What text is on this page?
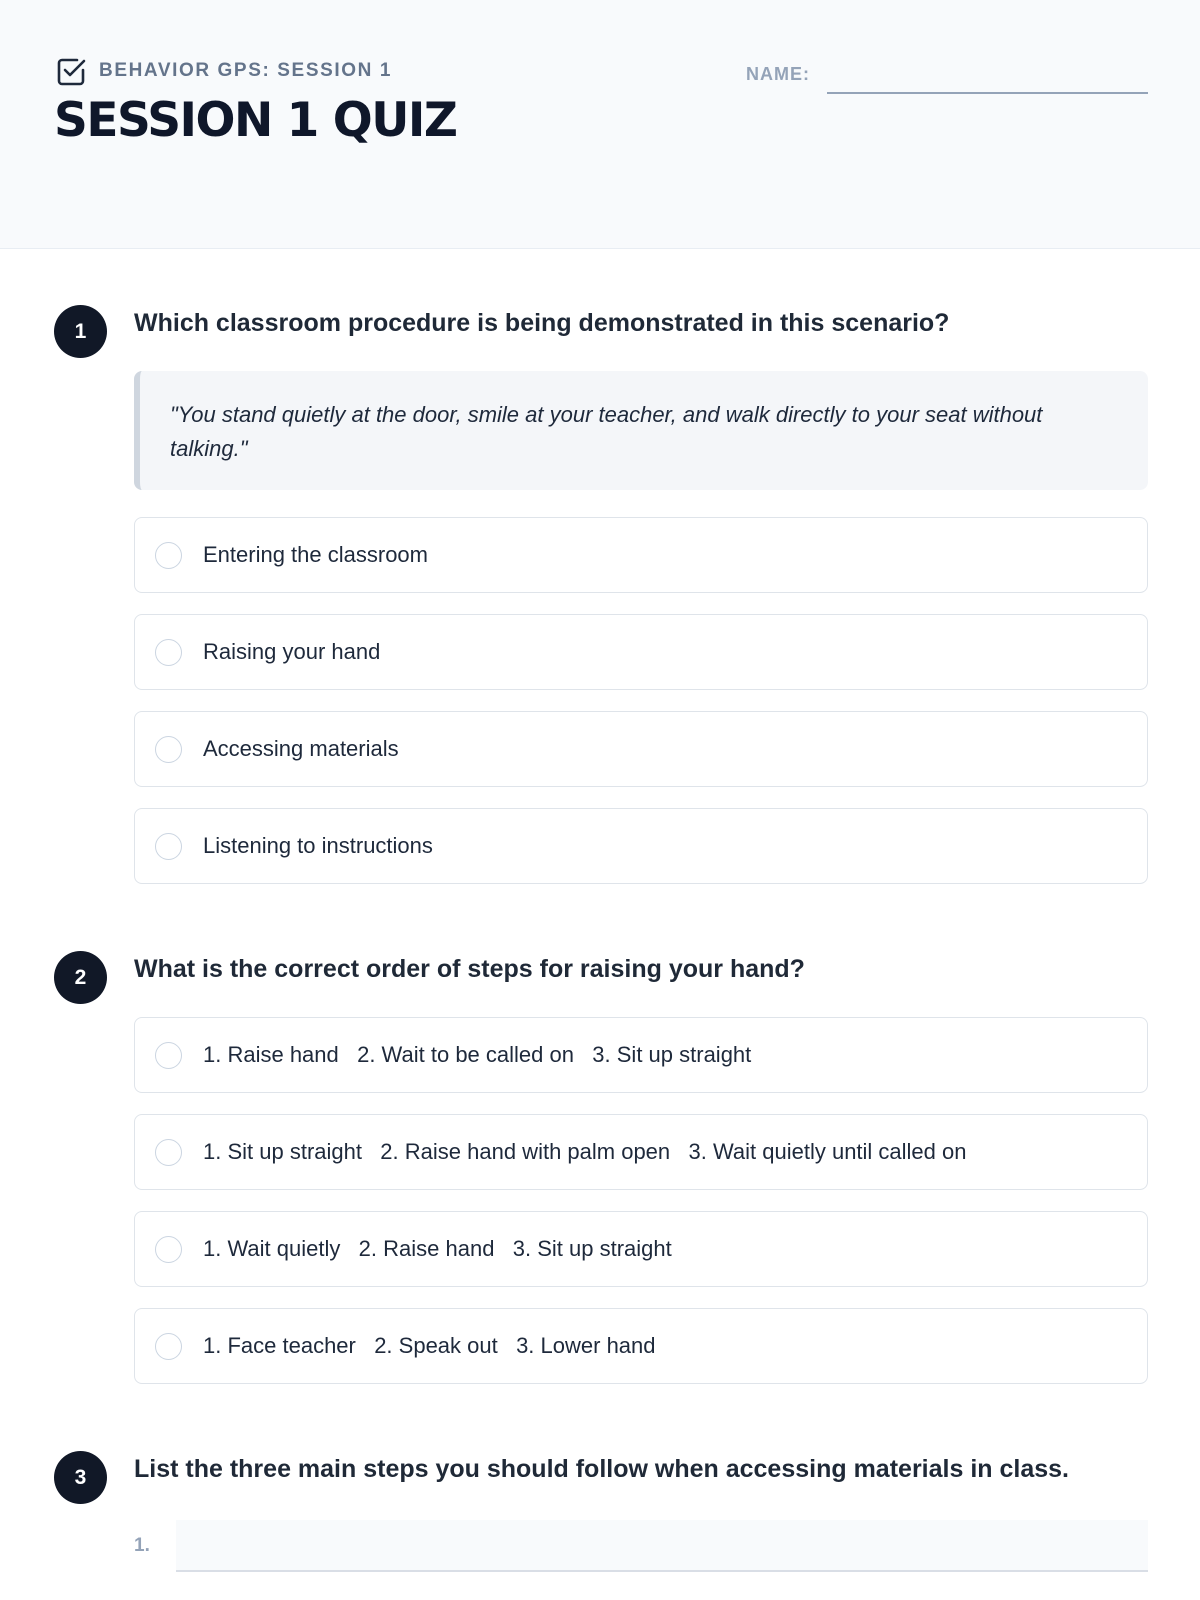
BEHAVIOR GPS: SESSION 1
SESSION 1 QUIZ
NAME:
1	Which classroom procedure is being demonstrated in this scenario?
"You stand quietly at the door, smile at your teacher, and walk directly to your seat without talking."
Entering the classroom
Raising your hand
Accessing materials
Listening to instructions
2	What is the correct order of steps for raising your hand?
1. Raise hand   2. Wait to be called on   3. Sit up straight
1. Sit up straight   2. Raise hand with palm open   3. Wait quietly until called on
1. Wait quietly   2. Raise hand   3. Sit up straight
1. Face teacher   2. Speak out   3. Lower hand
3	List the three main steps you should follow when accessing materials in class.
1.
